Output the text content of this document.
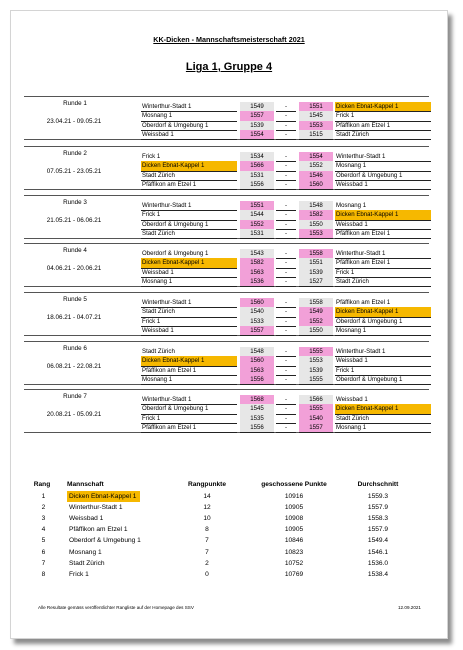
KK-Dicken - Mannschaftsmeisterschaft 2021
Liga 1, Gruppe 4
Runde 1
23.04.21 - 09.05.21
Winterthur-Stadt 1	1549	-	1551	Dicken Ebnat-Kappel 1
Mosnang 1	1557	-	1545	Frick 1
Oberdorf & Umgebung 1	1539	-	1553	Pfäffikon am Etzel 1
Weissbad 1	1554	-	1515	Stadt Zürich
Runde 2
07.05.21 - 23.05.21
Frick 1	1534	-	1554	Winterthur-Stadt 1
Dicken Ebnat-Kappel 1	1566	-	1552	Mosnang 1
Stadt Zürich	1531	-	1546	Oberdorf & Umgebung 1
Pfäffikon am Etzel 1	1556	-	1560	Weissbad 1
Runde 3
21.05.21 - 06.06.21
Winterthur-Stadt 1	1551	-	1548	Mosnang 1
Frick 1	1544	-	1582	Dicken Ebnat-Kappel 1
Oberdorf & Umgebung 1	1552	-	1550	Weissbad 1
Stadt Zürich	1531	-	1553	Pfäffikon am Etzel 1
Runde 4
04.06.21 - 20.06.21
Oberdorf & Umgebung 1	1543	-	1558	Winterthur-Stadt 1
Dicken Ebnat-Kappel 1	1582	-	1551	Pfäffikon am Etzel 1
Weissbad 1	1563	-	1539	Frick 1
Mosnang 1	1536	-	1527	Stadt Zürich
Runde 5
18.06.21 - 04.07.21
Winterthur-Stadt 1	1560	-	1558	Pfäffikon am Etzel 1
Stadt Zürich	1540	-	1549	Dicken Ebnat-Kappel 1
Frick 1	1533	-	1552	Oberdorf & Umgebung 1
Weissbad 1	1557	-	1550	Mosnang 1
Runde 6
06.08.21 - 22.08.21
Stadt Zürich	1548	-	1555	Winterthur-Stadt 1
Dicken Ebnat-Kappel 1	1560	-	1553	Weissbad 1
Pfäffikon am Etzel 1	1563	-	1539	Frick 1
Mosnang 1	1556	-	1555	Oberdorf & Umgebung 1
Runde 7
20.08.21 - 05.09.21
Winterthur-Stadt 1	1568	-	1566	Weissbad 1
Oberdorf & Umgebung 1	1545	-	1555	Dicken Ebnat-Kappel 1
Frick 1	1535	-	1540	Stadt Zürich
Pfäffikon am Etzel 1	1556	-	1557	Mosnang 1
Rang	Mannschaft	Rangpunkte	geschossene Punkte	Durchschnitt
1	Dicken Ebnat-Kappel 1	14	10916	1559.3
2	Winterthur-Stadt 1	12	10905	1557.9
3	Weissbad 1	10	10908	1558.3
4	Pfäffikon am Etzel 1	8	10905	1557.9
5	Oberdorf & Umgebung 1	7	10846	1549.4
6	Mosnang 1	7	10823	1546.1
7	Stadt Zürich	2	10752	1536.0
8	Frick 1	0	10769	1538.4
Alle Resultate gemäss veröffentlichter Rangliste auf der Homepage des SSV	12.09.2021
